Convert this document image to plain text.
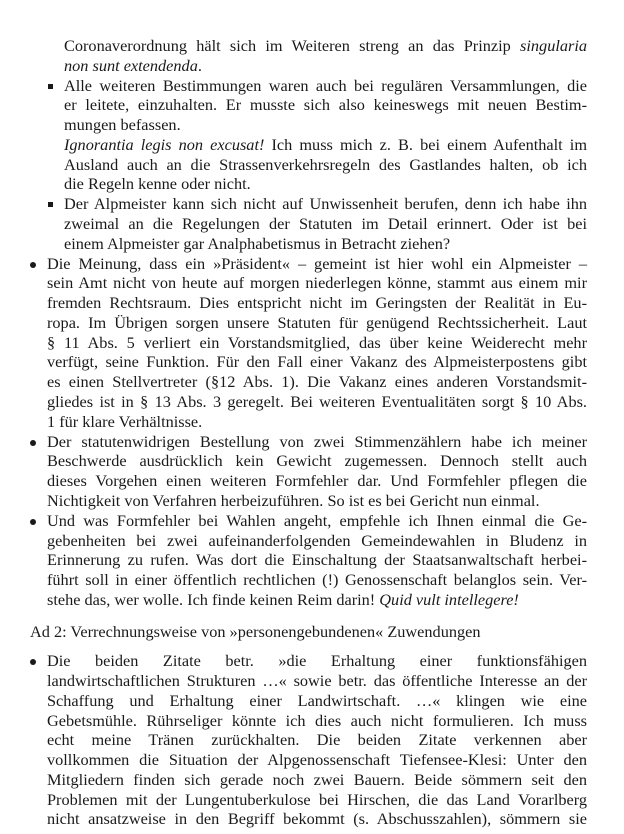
Coronaverordnung hält sich im Weiteren streng an das Prinzip singularia
non sunt extendenda.
Alle weiteren Bestimmungen waren auch bei regulären Versammlungen, die
er leitete, einzuhalten. Er musste sich also keineswegs mit neuen Bestim-
mungen befassen.
Ignorantia legis non excusat! Ich muss mich z. B. bei einem Aufenthalt im
Ausland auch an die Strassenverkehrsregeln des Gastlandes halten, ob ich
die Regeln kenne oder nicht.
Der Alpmeister kann sich nicht auf Unwissenheit berufen, denn ich habe ihn
zweimal an die Regelungen der Statuten im Detail erinnert. Oder ist bei
einem Alpmeister gar Analphabetismus in Betracht ziehen?
Die Meinung, dass ein »Präsident« – gemeint ist hier wohl ein Alpmeister –
sein Amt nicht von heute auf morgen niederlegen könne, stammt aus einem mir
fremden Rechtsraum. Dies entspricht nicht im Geringsten der Realität in Eu-
ropa. Im Übrigen sorgen unsere Statuten für genügend Rechtssicherheit. Laut
§ 11 Abs. 5 verliert ein Vorstandsmitglied, das über keine Weiderecht mehr
verfügt, seine Funktion. Für den Fall einer Vakanz des Alpmeisterpostens gibt
es einen Stellvertreter (§12 Abs. 1). Die Vakanz eines anderen Vorstandsmit-
gliedes ist in § 13 Abs. 3 geregelt. Bei weiteren Eventualitäten sorgt § 10 Abs.
1 für klare Verhältnisse.
Der statutenwidrigen Bestellung von zwei Stimmenzählern habe ich meiner
Beschwerde ausdrücklich kein Gewicht zugemessen. Dennoch stellt auch
dieses Vorgehen einen weiteren Formfehler dar. Und Formfehler pflegen die
Nichtigkeit von Verfahren herbeizuführen. So ist es bei Gericht nun einmal.
Und was Formfehler bei Wahlen angeht, empfehle ich Ihnen einmal die Ge-
gebenheiten bei zwei aufeinanderfolgenden Gemeindewahlen in Bludenz in
Erinnerung zu rufen. Was dort die Einschaltung der Staatsanwaltschaft herbei-
führt soll in einer öffentlich rechtlichen (!) Genossenschaft belanglos sein. Ver-
stehe das, wer wolle. Ich finde keinen Reim darin! Quid vult intellegere!
Ad 2: Verrechnungsweise von »personengebundenen« Zuwendungen
Die beiden Zitate betr. »die Erhaltung einer funktionsfähigen
landwirtschaftlichen Strukturen …« sowie betr. das öffentliche Interesse an der
Schaffung und Erhaltung einer Landwirtschaft. …« klingen wie eine
Gebetsmühle. Rührseliger könnte ich dies auch nicht formulieren. Ich muss
echt meine Tränen zurückhalten. Die beiden Zitate verkennen aber
vollkommen die Situation der Alpgenossenschaft Tiefensee-Klesi: Unter den
Mitgliedern finden sich gerade noch zwei Bauern. Beide sömmern seit den
Problemen mit der Lungentuberkulose bei Hirschen, die das Land Vorarlberg
nicht ansatzweise in den Begriff bekommt (s. Abschusszahlen), sömmern sie
